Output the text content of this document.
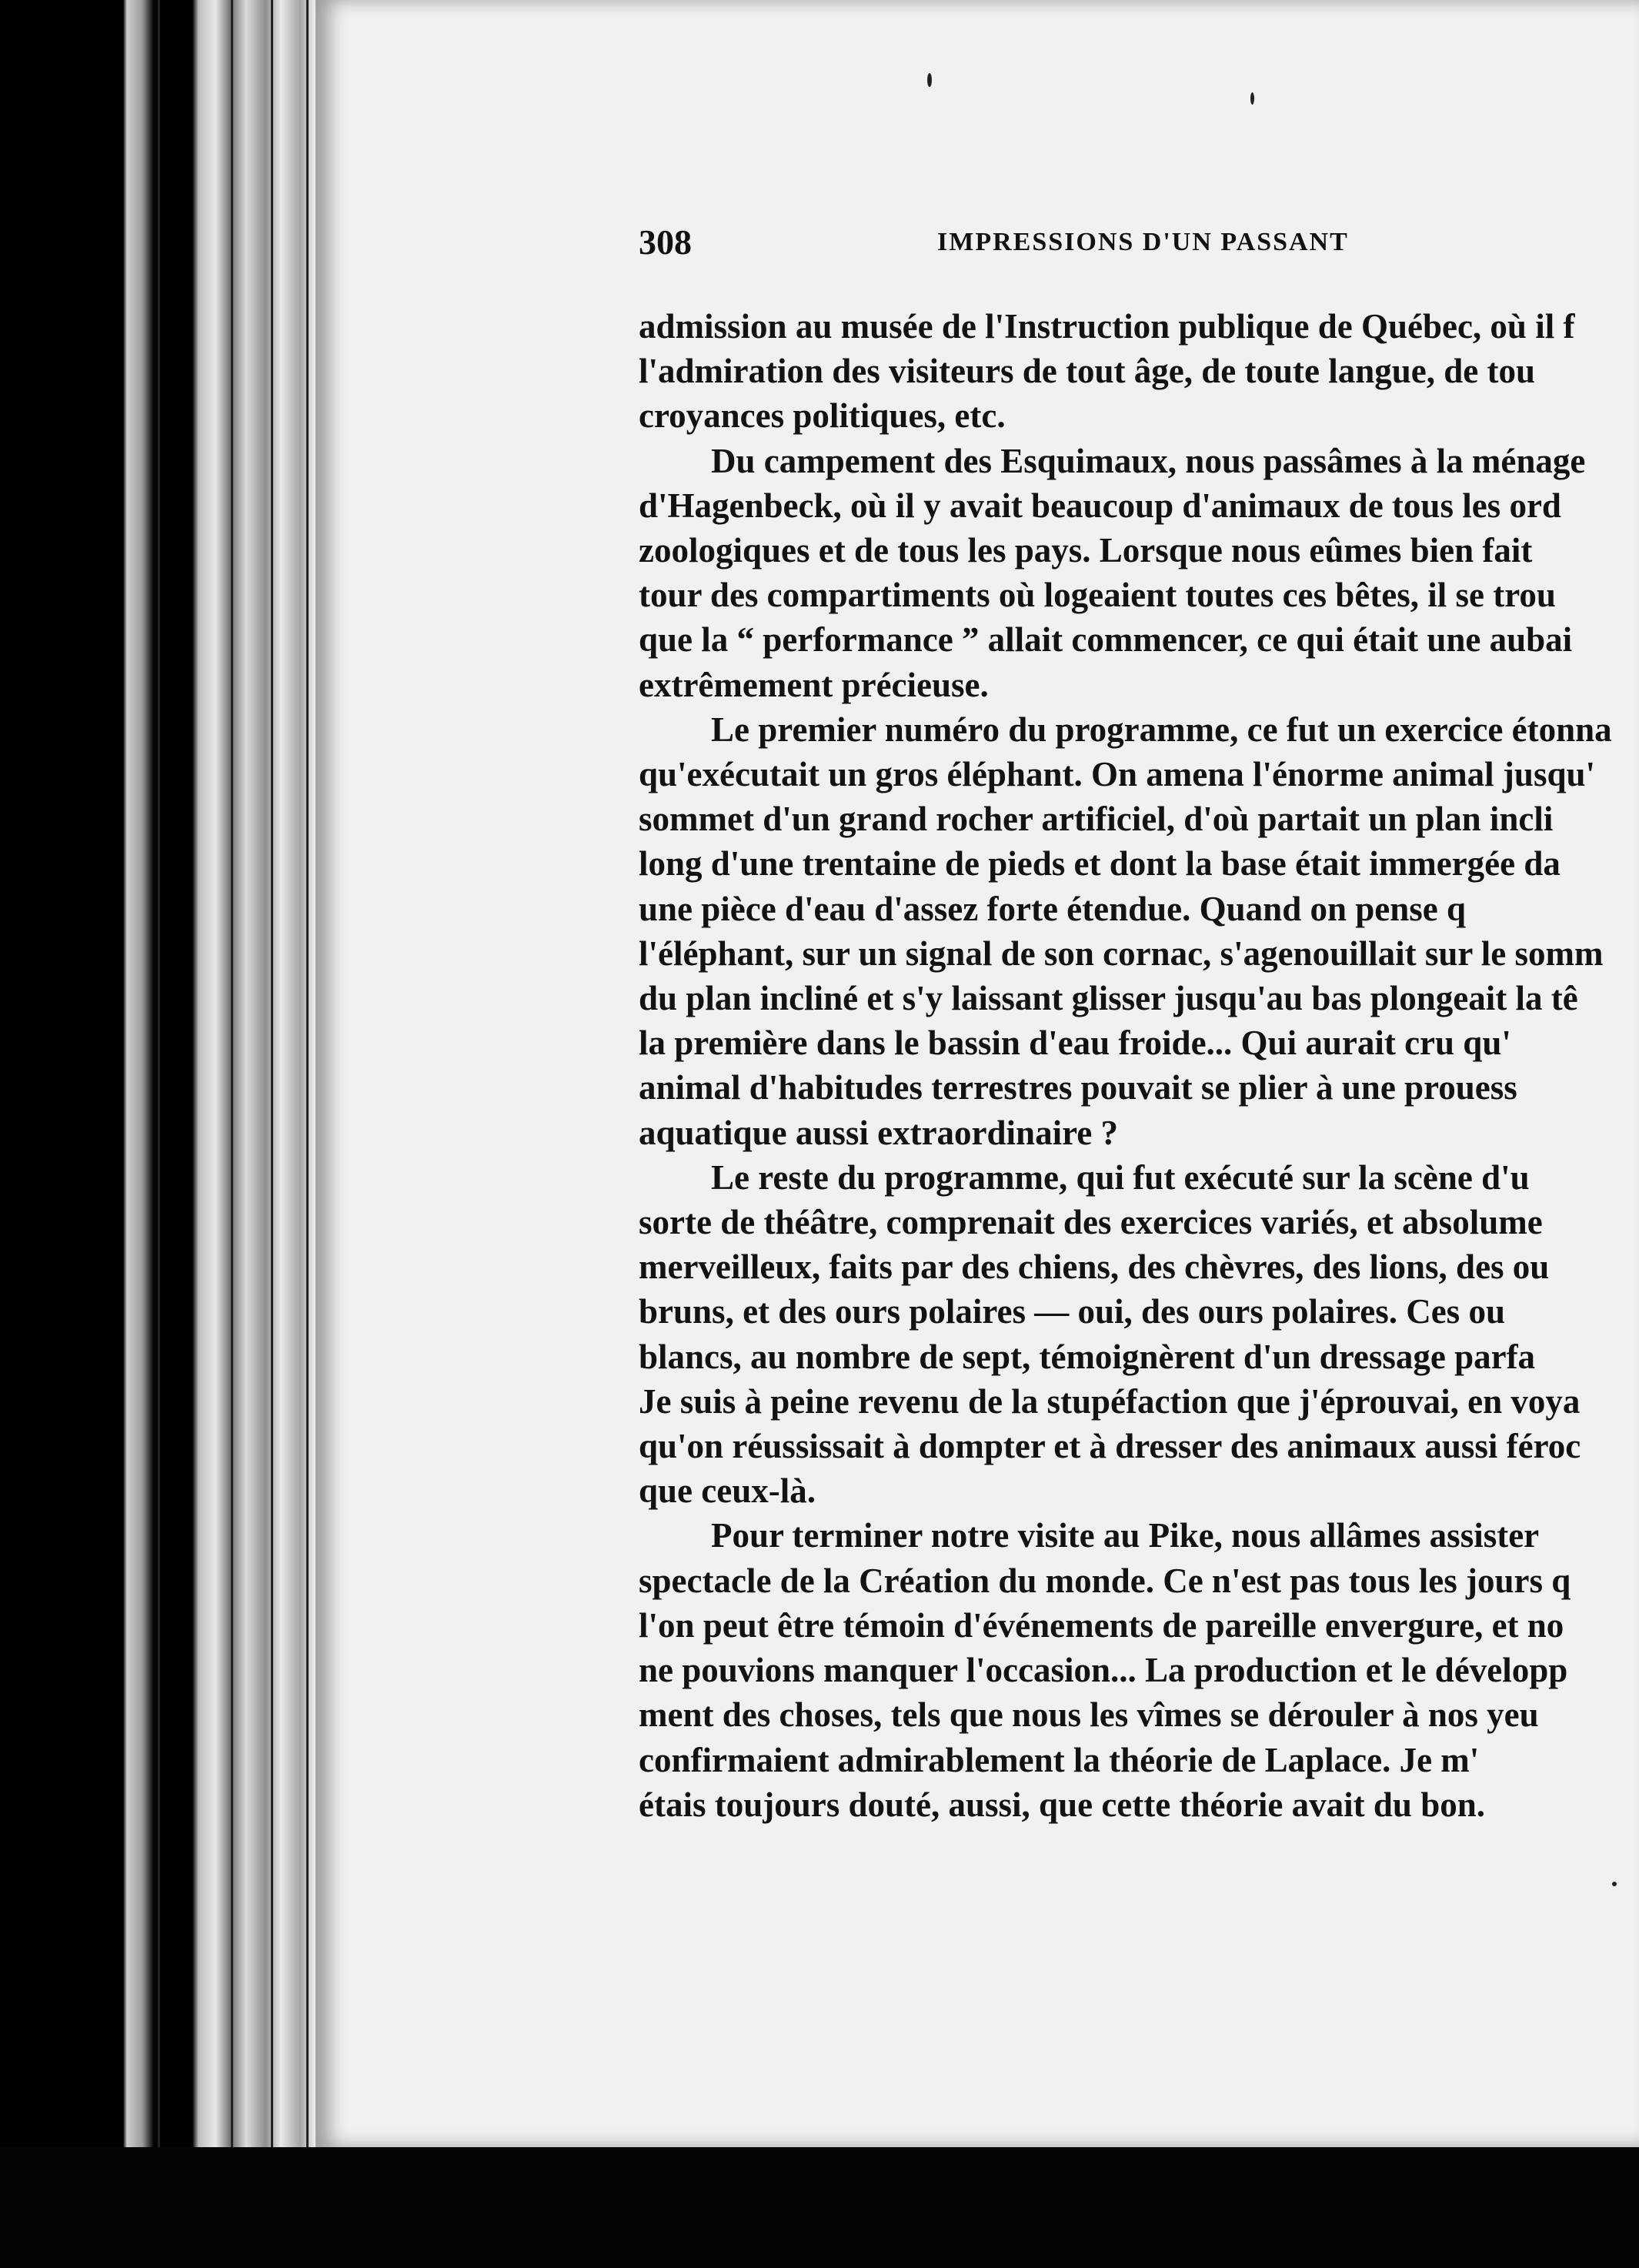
308	IMPRESSIONS D'UN PASSANT
admission au musée de l'Instruction publique de Québec, où il f
l'admiration des visiteurs de tout âge, de toute langue, de tou
croyances politiques, etc.
Du campement des Esquimaux, nous passâmes à la ménage
d'Hagenbeck, où il y avait beaucoup d'animaux de tous les ord
zoologiques et de tous les pays. Lorsque nous eûmes bien fait
tour des compartiments où logeaient toutes ces bêtes, il se trou
que la “ performance ” allait commencer, ce qui était une aubai
extrêmement précieuse.
Le premier numéro du programme, ce fut un exercice étonna
qu'exécutait un gros éléphant. On amena l'énorme animal jusqu'
sommet d'un grand rocher artificiel, d'où partait un plan incli
long d'une trentaine de pieds et dont la base était immergée da
une pièce d'eau d'assez forte étendue. Quand on pense q
l'éléphant, sur un signal de son cornac, s'agenouillait sur le somm
du plan incliné et s'y laissant glisser jusqu'au bas plongeait la tê
la première dans le bassin d'eau froide... Qui aurait cru qu'
animal d'habitudes terrestres pouvait se plier à une prouess
aquatique aussi extraordinaire ?
Le reste du programme, qui fut exécuté sur la scène d'u
sorte de théâtre, comprenait des exercices variés, et absolume
merveilleux, faits par des chiens, des chèvres, des lions, des ou
bruns, et des ours polaires — oui, des ours polaires. Ces ou
blancs, au nombre de sept, témoignèrent d'un dressage parfa
Je suis à peine revenu de la stupéfaction que j'éprouvai, en voya
qu'on réussissait à dompter et à dresser des animaux aussi féroc
que ceux-là.
Pour terminer notre visite au Pike, nous allâmes assister
spectacle de la Création du monde. Ce n'est pas tous les jours q
l'on peut être témoin d'événements de pareille envergure, et no
ne pouvions manquer l'occasion... La production et le développ
ment des choses, tels que nous les vîmes se dérouler à nos yeu
confirmaient admirablement la théorie de Laplace. Je m'
étais toujours douté, aussi, que cette théorie avait du bon.
